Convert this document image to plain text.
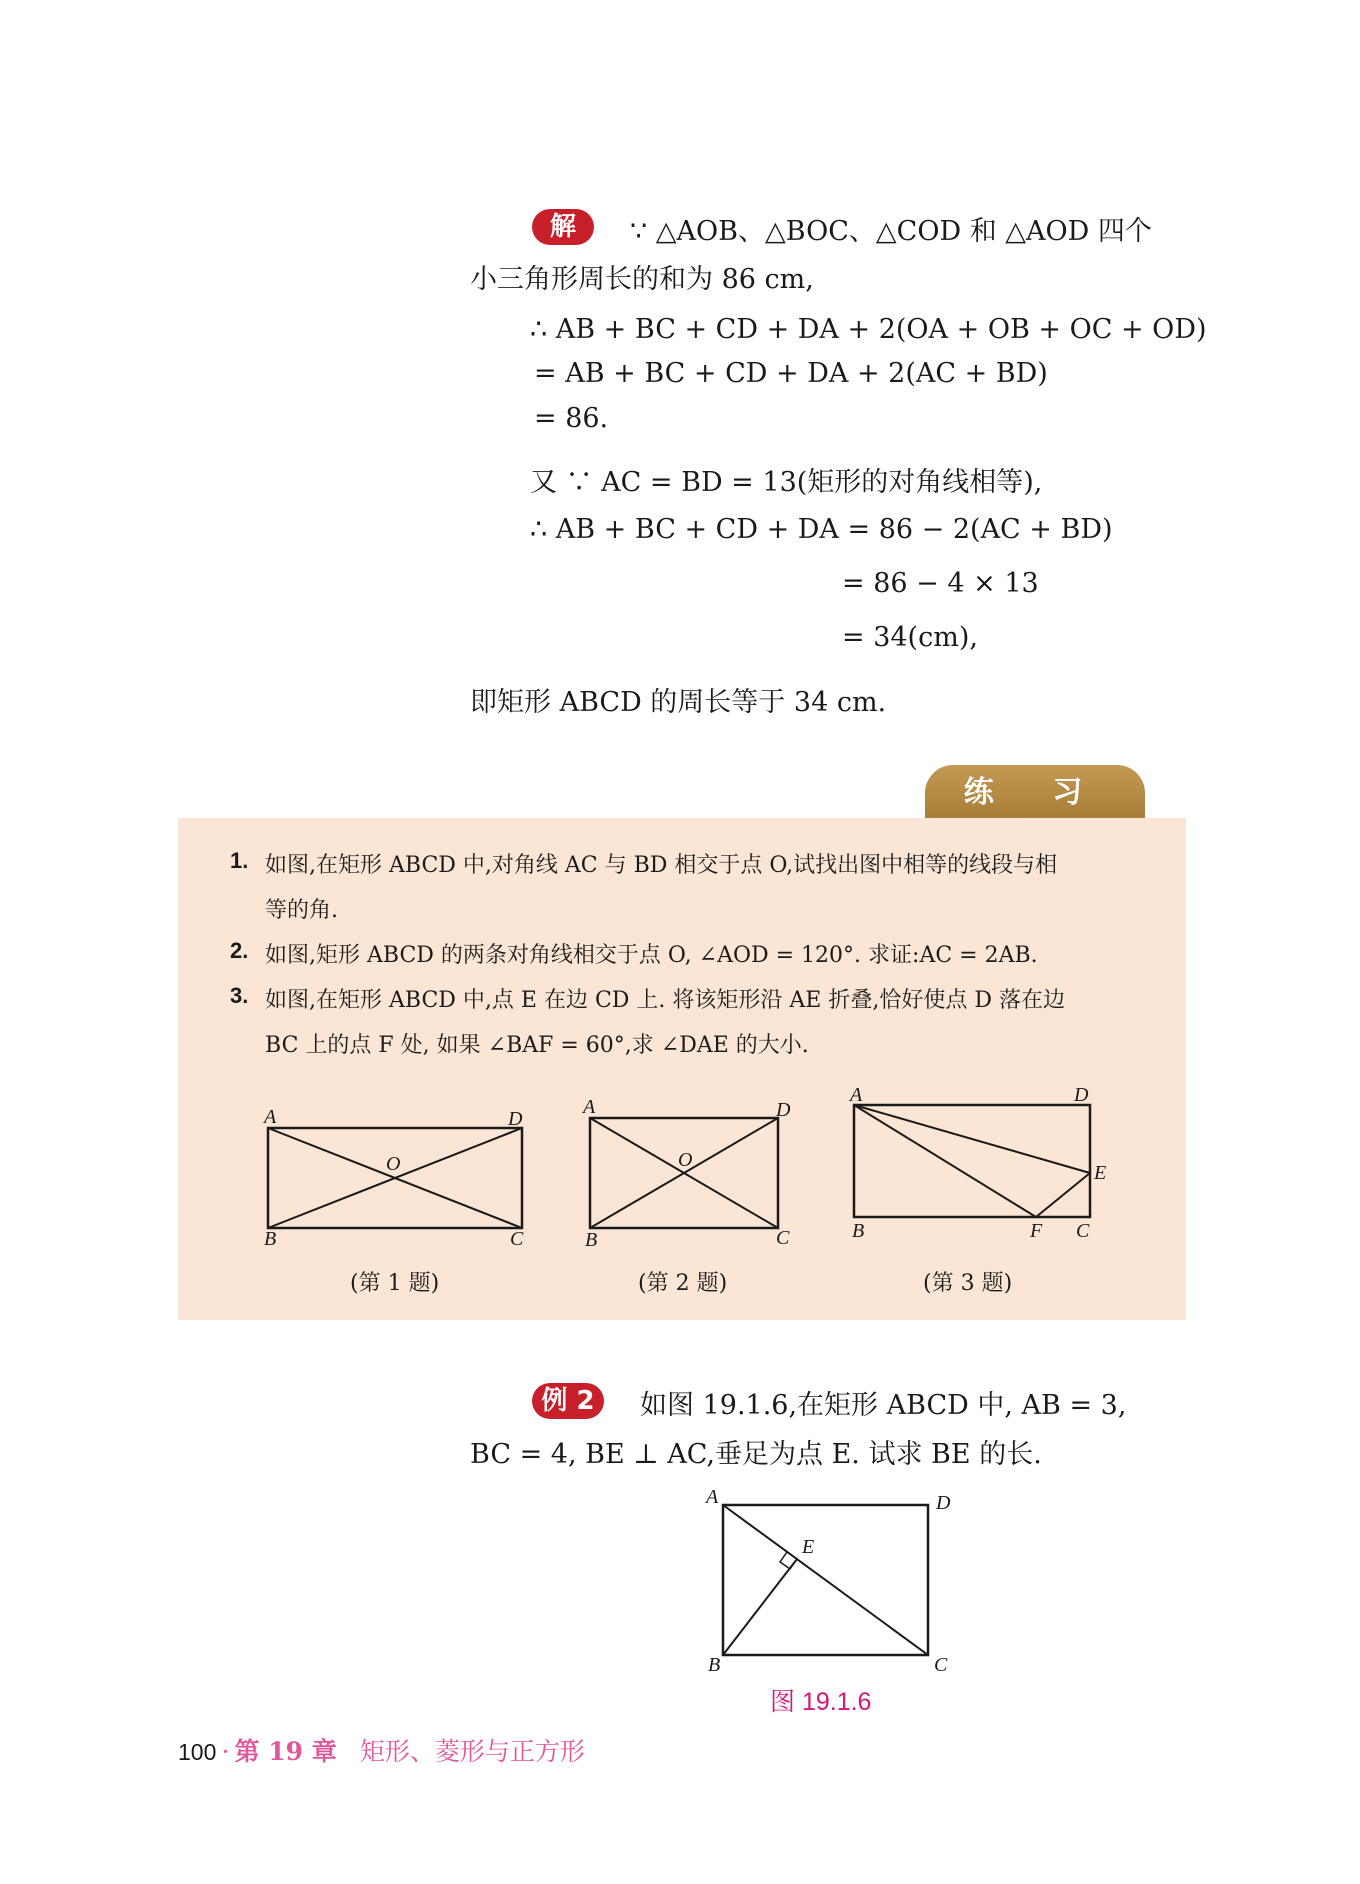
解	∵ △AOB、△BOC、△COD 和 △AOD 四个
小三角形周长的和为 86 cm,
∴ AB + BC + CD + DA + 2(OA + OB + OC + OD)
= AB + BC + CD + DA + 2(AC + BD)
= 86.
又 ∵ AC = BD = 13(矩形的对角线相等),
∴ AB + BC + CD + DA = 86 − 2(AC + BD)
= 86 − 4 × 13
= 34(cm),
即矩形 ABCD 的周长等于 34 cm.
练 习
1. 如图,在矩形 ABCD 中,对角线 AC 与 BD 相交于点 O,试找出图中相等的线段与相
等的角.
2. 如图,矩形 ABCD 的两条对角线相交于点 O, ∠AOD = 120°. 求证:AC = 2AB.
3. 如图,在矩形 ABCD 中,点 E 在边 CD 上. 将该矩形沿 AE 折叠,恰好使点 D 落在边
BC 上的点 F 处, 如果 ∠BAF = 60°,求 ∠DAE 的大小.
A	D
O
B	C
(第 1 题)
A	D
O
B	C
(第 2 题)
A	D
E
B	F C
(第 3 题)
例 2	如图 19.1.6,在矩形 ABCD 中, AB = 3,
BC = 4, BE ⊥ AC,垂足为点 E. 试求 BE 的长.
A	D
E
B	C
图 19.1.6
100 · 第 19 章 矩形、菱形与正方形
